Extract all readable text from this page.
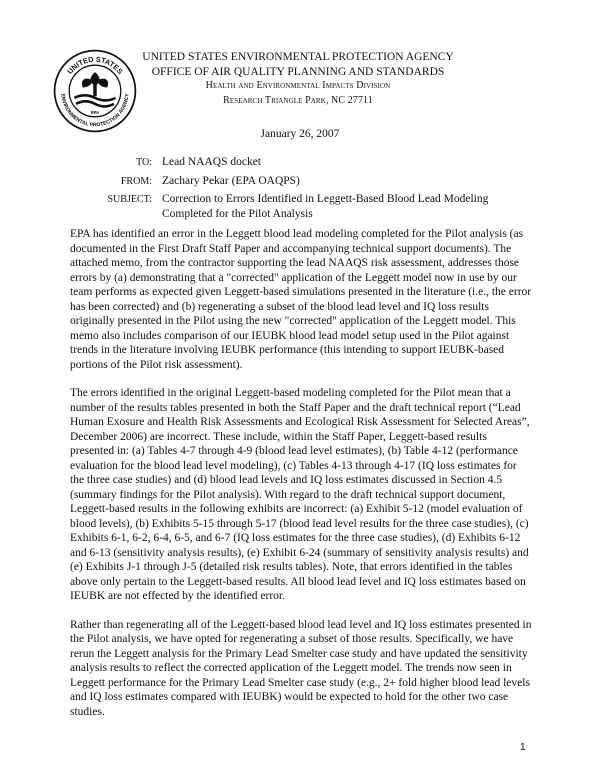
UNITED STATES
ENVIRONMENTAL PROTECTION AGENCY
EPA
UNITED STATES ENVIRONMENTAL PROTECTION AGENCY
OFFICE OF AIR QUALITY PLANNING AND STANDARDS
Health and Environmental Impacts Division
Research Triangle Park, NC 27711
January 26, 2007
TO: Lead NAAQS docket
FROM: Zachary Pekar (EPA OAQPS)
SUBJECT: Correction to Errors Identified in Leggett-Based Blood Lead Modeling Completed for the Pilot Analysis

EPA has identified an error in the Leggett blood lead modeling completed for the Pilot analysis (as documented in the First Draft Staff Paper and accompanying technical support documents). The attached memo, from the contractor supporting the lead NAAQS risk assessment, addresses those errors by (a) demonstrating that a "corrected" application of the Leggett model now in use by our team performs as expected given Leggett-based simulations presented in the literature (i.e., the error has been corrected) and (b) regenerating a subset of the blood lead level and IQ loss results originally presented in the Pilot using the new "corrected" application of the Leggett model. This memo also includes comparison of our IEUBK blood lead model setup used in the Pilot against trends in the literature involving IEUBK performance (this intending to support IEUBK-based portions of the Pilot risk assessment).

The errors identified in the original Leggett-based modeling completed for the Pilot mean that a number of the results tables presented in both the Staff Paper and the draft technical report (“Lead Human Exosure and Health Risk Assessments and Ecological Risk Assessment for Selected Areas”, December 2006) are incorrect. These include, within the Staff Paper, Leggett-based results presented in: (a) Tables 4-7 through 4-9 (blood lead level estimates), (b) Table 4-12 (performance evaluation for the blood lead level modeling), (c) Tables 4-13 through 4-17 (IQ loss estimates for the three case studies) and (d) blood lead levels and IQ loss estimates discussed in Section 4.5 (summary findings for the Pilot analysis). With regard to the draft technical support document, Leggett-based results in the following exhibits are incorrect: (a) Exhibit 5-12 (model evaluation of blood levels), (b) Exhibits 5-15 through 5-17 (blood lead level results for the three case studies), (c) Exhibits 6-1, 6-2, 6-4, 6-5, and 6-7 (IQ loss estimates for the three case studies), (d) Exhibits 6-12 and 6-13 (sensitivity analysis results), (e) Exhibit 6-24 (summary of sensitivity analysis results) and (e) Exhibits J-1 through J-5 (detailed risk results tables). Note, that errors identified in the tables above only pertain to the Leggett-based results. All blood lead level and IQ loss estimates based on IEUBK are not effected by the identified error.

Rather than regenerating all of the Leggett-based blood lead level and IQ loss estimates presented in the Pilot analysis, we have opted for regenerating a subset of those results. Specifically, we have rerun the Leggett analysis for the Primary Lead Smelter case study and have updated the sensitivity analysis results to reflect the corrected application of the Leggett model. The trends now seen in Leggett performance for the Primary Lead Smelter case study (e.g., 2+ fold higher blood lead levels and IQ loss estimates compared with IEUBK) would be expected to hold for the other two case studies.

1
